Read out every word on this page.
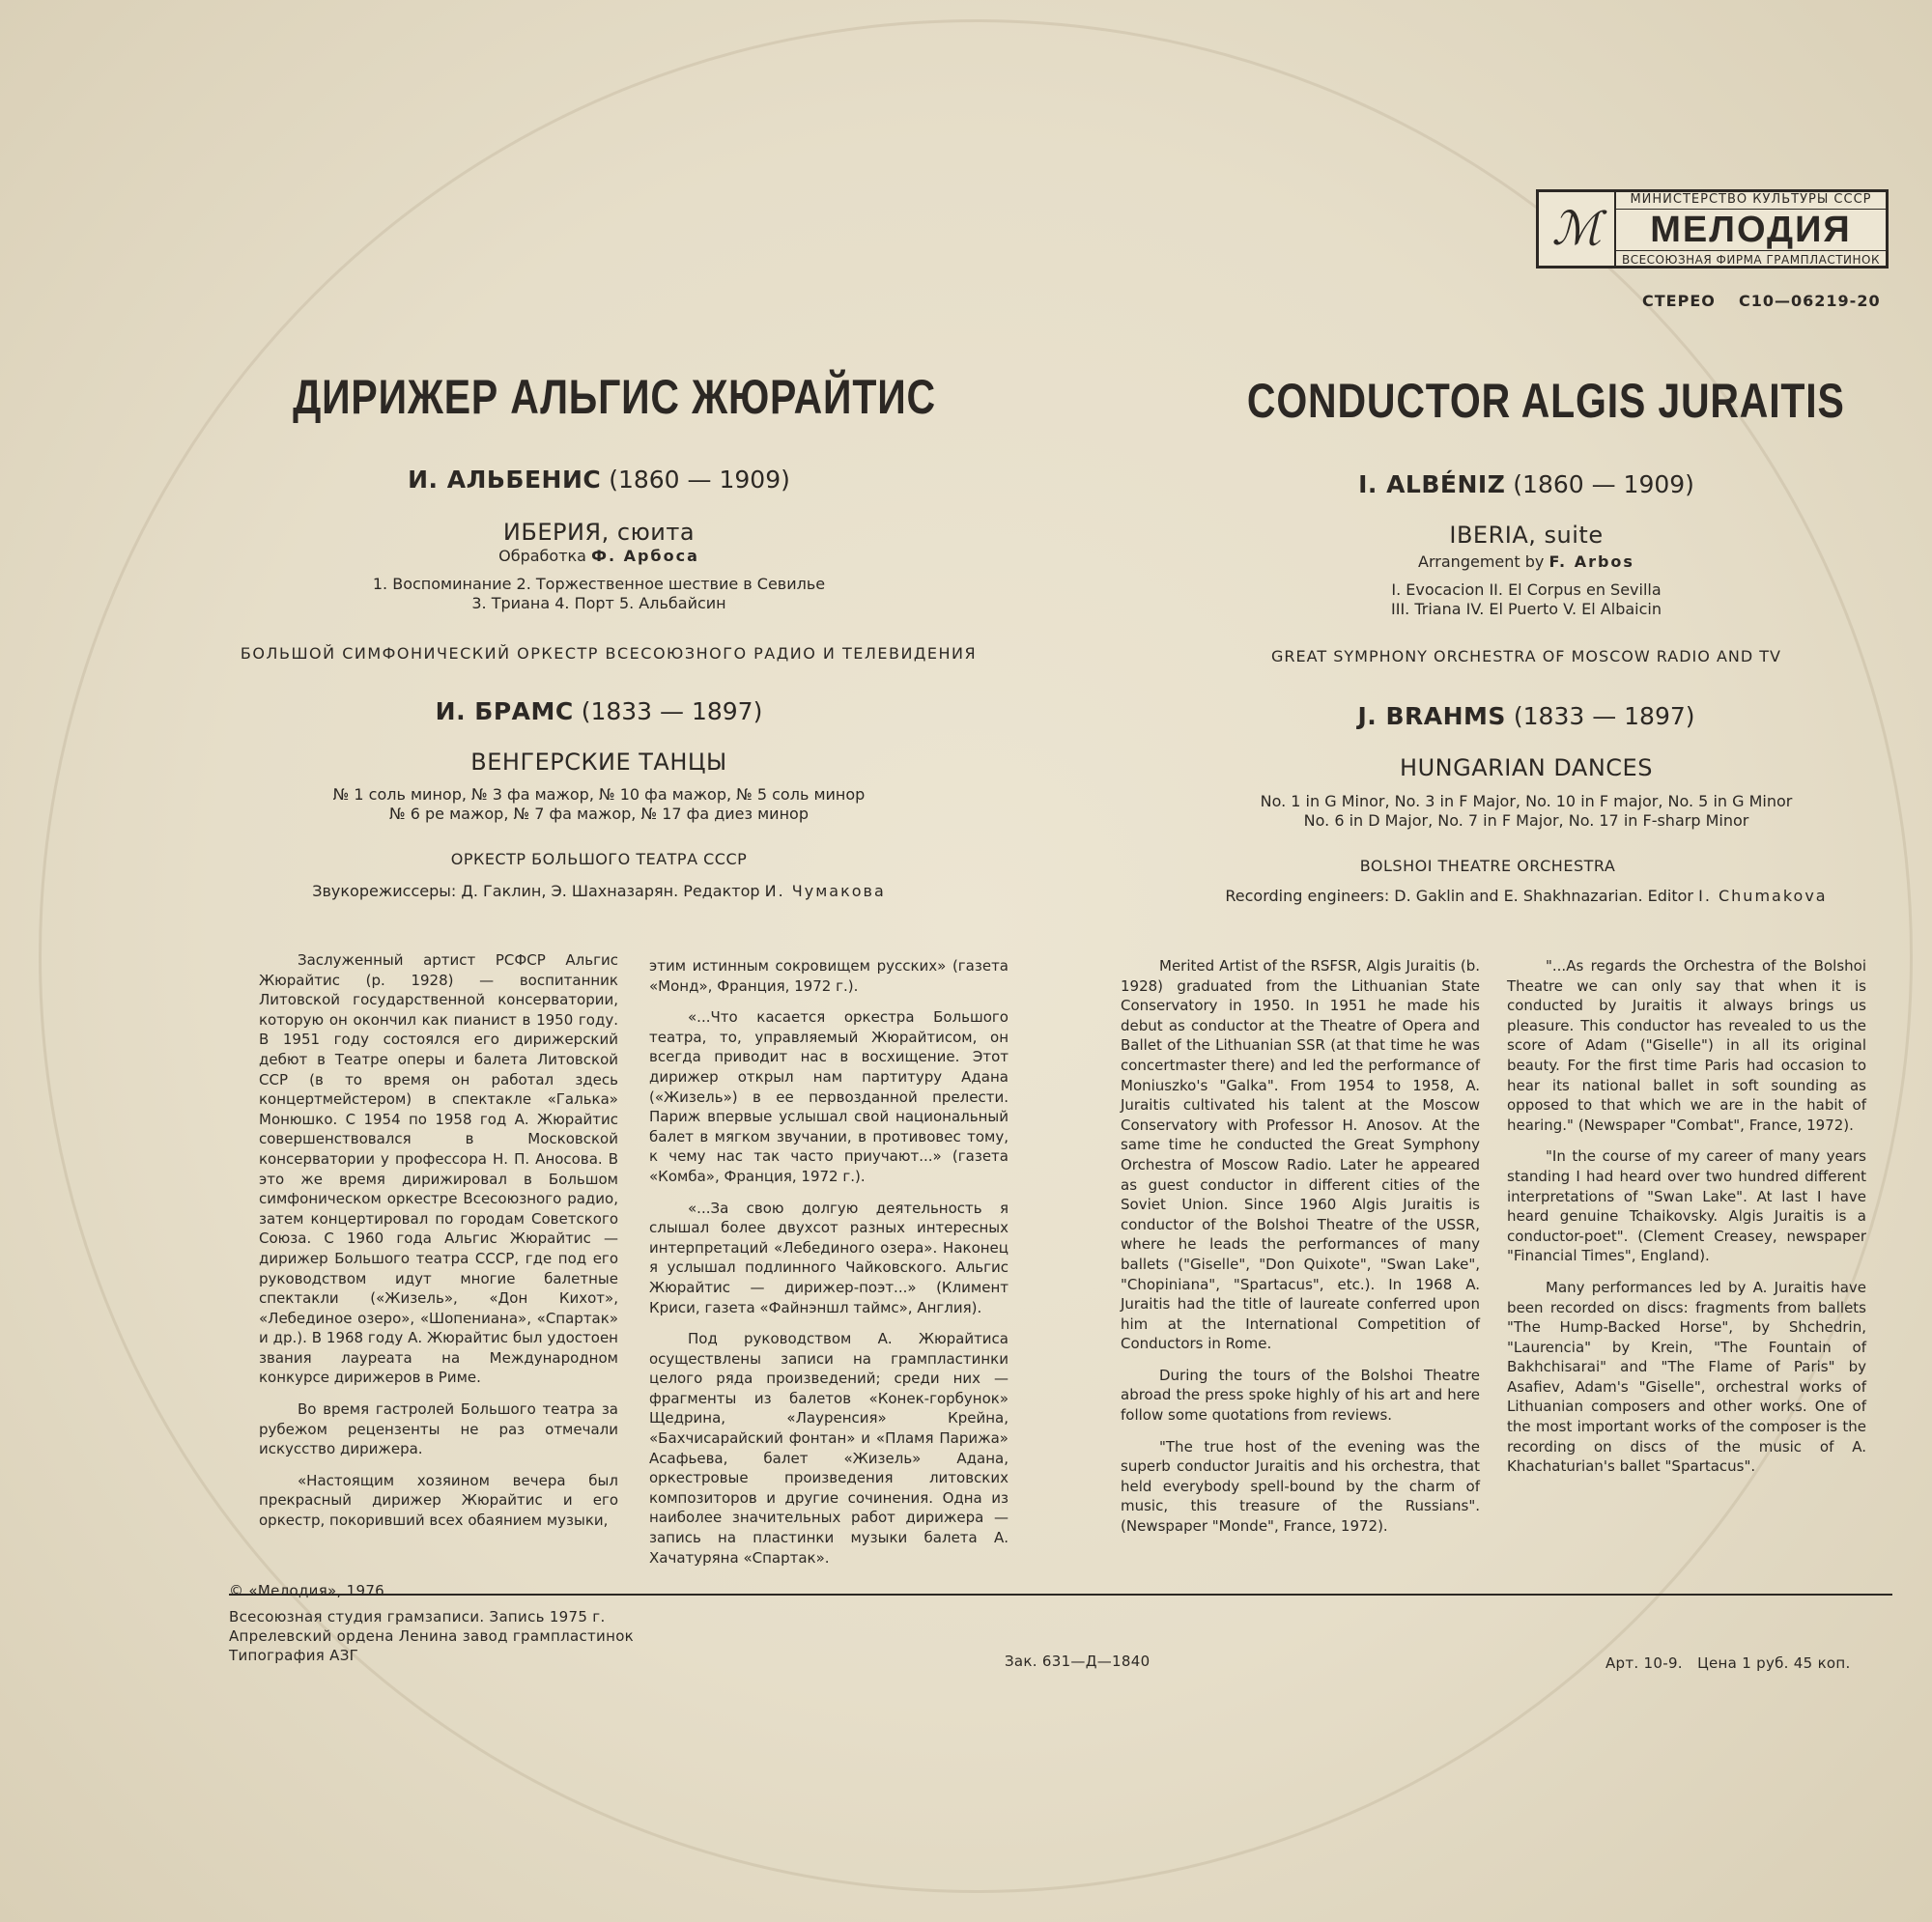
ℳ
МИНИСТЕРСТВО КУЛЬТУРЫ СССР
МЕЛОДИЯ
ВСЕСОЮЗНАЯ ФИРМА ГРАМПЛАСТИНОК
СТЕРЕО С10—06219-20
ДИРИЖЕР АЛЬГИС ЖЮРАЙТИС
И. АЛЬБЕНИС (1860 — 1909)
ИБЕРИЯ, сюита
Обработка Ф. Арбоса
1. Воспоминание 2. Торжественное шествие в Севилье
3. Триана 4. Порт 5. Альбайсин
БОЛЬШОЙ СИМФОНИЧЕСКИЙ ОРКЕСТР ВСЕСОЮЗНОГО РАДИО И ТЕЛЕВИДЕНИЯ
И. БРАМС (1833 — 1897)
ВЕНГЕРСКИЕ ТАНЦЫ
№ 1 соль минор, № 3 фа мажор, № 10 фа мажор, № 5 соль минор
№ 6 ре мажор, № 7 фа мажор, № 17 фа диез минор
ОРКЕСТР БОЛЬШОГО ТЕАТРА СССР
Звукорежиссеры: Д. Гаклин, Э. Шахназарян. Редактор И. Чумакова
CONDUCTOR ALGIS JURAITIS
I. ALBÉNIZ (1860 — 1909)
IBERIA, suite
Arrangement by F. Arbos
I. Evocacion II. El Corpus en Sevilla
III. Triana IV. El Puerto V. El Albaicin
GREAT SYMPHONY ORCHESTRA OF MOSCOW RADIO AND TV
J. BRAHMS (1833 — 1897)
HUNGARIAN DANCES
No. 1 in G Minor, No. 3 in F Major, No. 10 in F major, No. 5 in G Minor
No. 6 in D Major, No. 7 in F Major, No. 17 in F-sharp Minor
BOLSHOI THEATRE ORCHESTRA
Recording engineers: D. Gaklin and E. Shakhnazarian. Editor I. Chumakova

Заслуженный артист РСФСР Альгис Жюрайтис (р. 1928) — воспитанник Литовской государственной консерватории, которую он окончил как пианист в 1950 году. В 1951 году состоялся его дирижерский дебют в Театре оперы и балета Литовской ССР (в то время он работал здесь концертмейстером) в спектакле «Галька» Монюшко. С 1954 по 1958 год А. Жюрайтис совершенствовался в Московской консерватории у профессора Н. П. Аносова. В это же время дирижировал в Большом симфоническом оркестре Всесоюзного радио, затем концертировал по городам Советского Союза. С 1960 года Альгис Жюрайтис — дирижер Большого театра СССР, где под его руководством идут многие балетные спектакли («Жизель», «Дон Кихот», «Лебединое озеро», «Шопениана», «Спартак» и др.). В 1968 году А. Жюрайтис был удостоен звания лауреата на Международном конкурсе дирижеров в Риме.

Во время гастролей Большого театра за рубежом рецензенты не раз отмечали искусство дирижера.

«Настоящим хозяином вечера был прекрасный дирижер Жюрайтис и его оркестр, покоривший всех обаянием музыки,

этим истинным сокровищем русских» (газета «Монд», Франция, 1972 г.).

«...Что касается оркестра Большого театра, то, управляемый Жюрайтисом, он всегда приводит нас в восхищение. Этот дирижер открыл нам партитуру Адана («Жизель») в ее первозданной прелести. Париж впервые услышал свой национальный балет в мягком звучании, в противовес тому, к чему нас так часто приучают...» (газета «Комба», Франция, 1972 г.).

«...За свою долгую деятельность я слышал более двухсот разных интересных интерпретаций «Лебединого озера». Наконец я услышал подлинного Чайковского. Альгис Жюрайтис — дирижер-поэт...» (Климент Криси, газета «Файнэншл таймс», Англия).

Под руководством А. Жюрайтиса осуществлены записи на грампластинки целого ряда произведений; среди них — фрагменты из балетов «Конек-горбунок» Щедрина, «Лауренсия» Крейна, «Бахчисарайский фонтан» и «Пламя Парижа» Асафьева, балет «Жизель» Адана, оркестровые произведения литовских композиторов и другие сочинения. Одна из наиболее значительных работ дирижера — запись на пластинки музыки балета А. Хачатуряна «Спартак».

Merited Artist of the RSFSR, Algis Juraitis (b. 1928) graduated from the Lithuanian State Conservatory in 1950. In 1951 he made his debut as conductor at the Theatre of Opera and Ballet of the Lithuanian SSR (at that time he was concertmaster there) and led the performance of Moniuszko's "Galka". From 1954 to 1958, A. Juraitis cultivated his talent at the Moscow Conservatory with Professor H. Anosov. At the same time he conducted the Great Symphony Orchestra of Moscow Radio. Later he appeared as guest conductor in different cities of the Soviet Union. Since 1960 Algis Juraitis is conductor of the Bolshoi Theatre of the USSR, where he leads the performances of many ballets ("Giselle", "Don Quixote", "Swan Lake", "Chopiniana", "Spartacus", etc.). In 1968 A. Juraitis had the title of laureate conferred upon him at the International Competition of Conductors in Rome.

During the tours of the Bolshoi Theatre abroad the press spoke highly of his art and here follow some quotations from reviews.

"The true host of the evening was the superb conductor Juraitis and his orchestra, that held everybody spell-bound by the charm of music, this treasure of the Russians". (Newspaper "Monde", France, 1972).

"...As regards the Orchestra of the Bolshoi Theatre we can only say that when it is conducted by Juraitis it always brings us pleasure. This conductor has revealed to us the score of Adam ("Giselle") in all its original beauty. For the first time Paris had occasion to hear its national ballet in soft sounding as opposed to that which we are in the habit of hearing." (Newspaper "Combat", France, 1972).

"In the course of my career of many years standing I had heard over two hundred different interpretations of "Swan Lake". At last I have heard genuine Tchaikovsky. Algis Juraitis is a conductor-poet". (Clement Creasey, newspaper "Financial Times", England).

Many performances led by A. Juraitis have been recorded on discs: fragments from ballets "The Hump-Backed Horse", by Shchedrin, "Laurencia" by Krein, "The Fountain of Bakhchisarai" and "The Flame of Paris" by Asafiev, Adam's "Giselle", orchestral works of Lithuanian composers and other works. One of the most important works of the composer is the recording on discs of the music of A. Khachaturian's ballet "Spartacus".

© «Мелодия», 1976
Всесоюзная студия грамзаписи. Запись 1975 г.
Апрелевский ордена Ленина завод грампластинок
Типография АЗГ	Зак. 631—Д—1840	Арт. 10-9.   Цена 1 руб. 45 коп.
